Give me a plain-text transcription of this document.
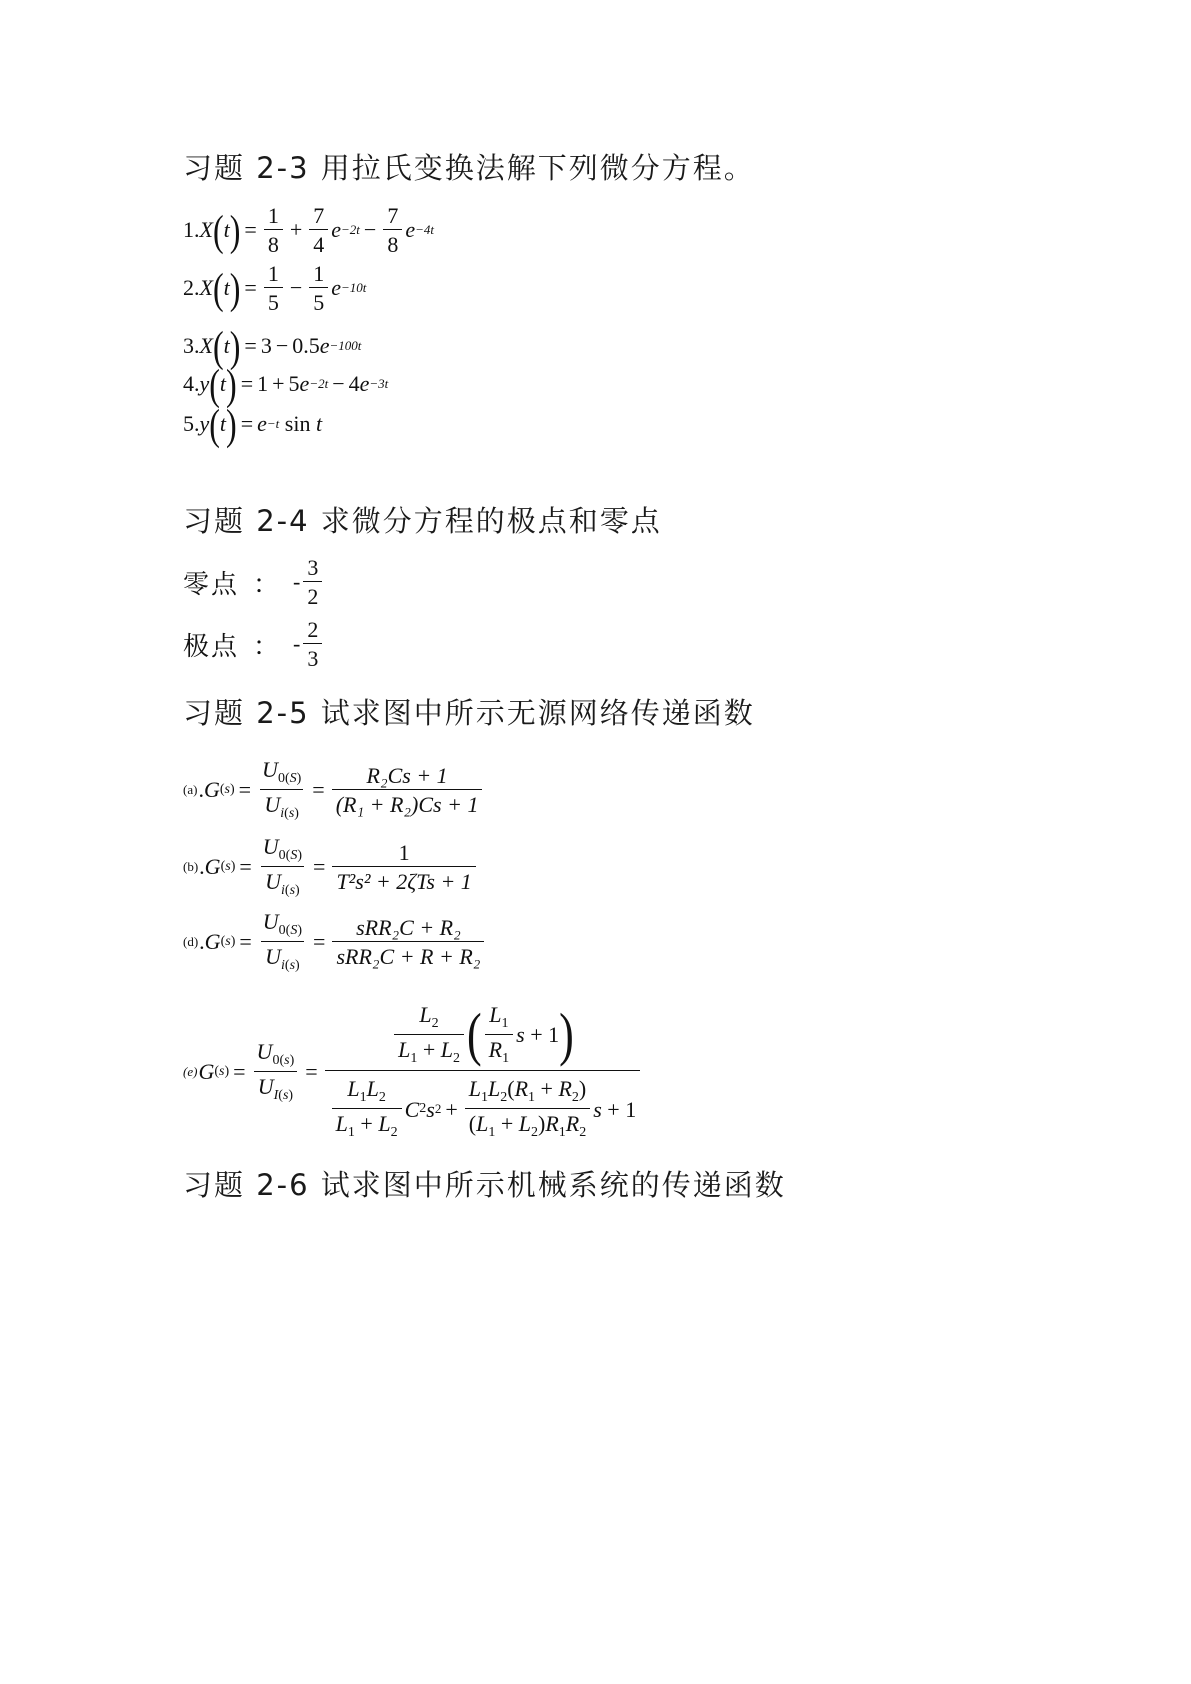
习题 2-3 用拉氏变换法解下列微分方程。
1. X ( t ) = $\frac{1}{8} + \frac{7}{4}$ $e -2t - \frac{7}{8}$ e −4t
2. X ( t ) = $\frac{1}{5} - \frac{1}{5}$ e −10t
3. X ( t ) = 3 − 0.5 e −100t
4. y ( t ) = 1 + 5 e −2t − 4 e −3t
5. y ( t ) = e −t
sin
t
习题 2-4 求微分方程的极点和零点
零点 ： - $\frac{3}{2}$
极点 ： - $\frac{2}{3}$
习题 2-5 试求图中所示无源网络传递函数
(a) . G $(s) = \frac{U_{0(S)}}{U_{i(s)}} = \frac{\text{R₂Cs + 1}}{\text{(R₁ + R₂)Cs + 1}}$
(b) . G $(s) = \frac{U_{0(S)}}{U_{i(s)}} = \frac{1}{\text{T²s² + 2ζTs + 1}}$
(d) . G $(s) = \frac{U_{0(S)}}{U_{i(s)}} = \frac{\text{sRR₂C + R₂}}{\text{sRR₂C + R + R₂}}$
(e) G $(s) = \frac{U_{0(s)}}{U_{I(s)}}$ =
$\frac{L_2}{L_1 + L_2}$ ( $\frac{L_1}{R_1}$ s + 1 )
$\frac{L_1L_2}{L_1 + L_2}$ C 2 s $2 + \frac{L_1L_2(R_1 + R_2)}{(L_1 + L_2)R_1R_2}$ s + 1
习题 2-6 试求图中所示机械系统的传递函数
